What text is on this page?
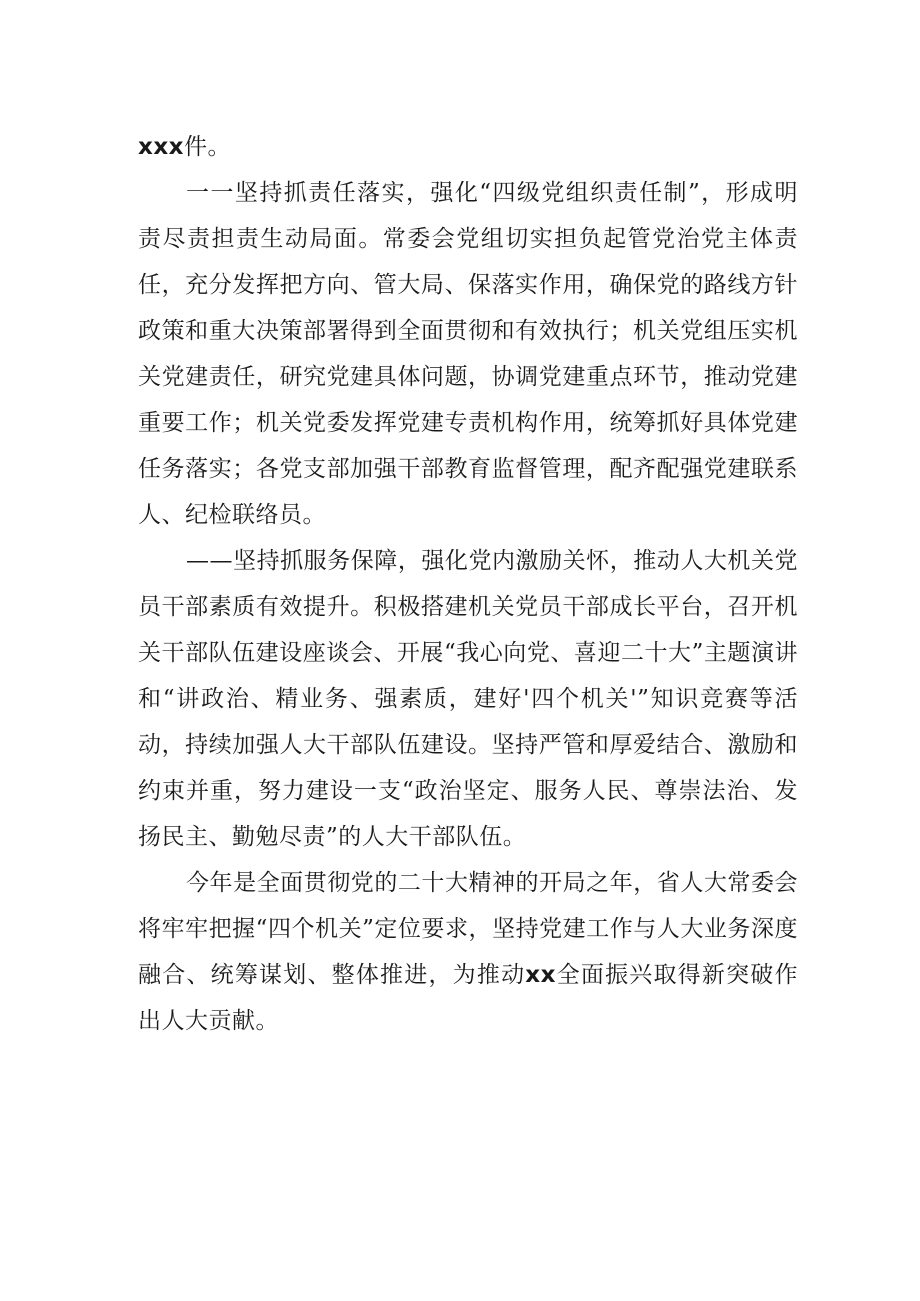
xxx件。

一一坚持抓责任落实，强化“四级党组织责任制”，形成明责尽责担责生动局面。常委会党组切实担负起管党治党主体责任，充分发挥把方向、管大局、保落实作用，确保党的路线方针政策和重大决策部署得到全面贯彻和有效执行；机关党组压实机关党建责任，研究党建具体问题，协调党建重点环节，推动党建重要工作；机关党委发挥党建专责机构作用，统筹抓好具体党建任务落实；各党支部加强干部教育监督管理，配齐配强党建联系人、纪检联络员。

——坚持抓服务保障，强化党内激励关怀，推动人大机关党员干部素质有效提升。积极搭建机关党员干部成长平台，召开机关干部队伍建设座谈会、开展“我心向党、喜迎二十大”主题演讲和“讲政治、精业务、强素质，建好'四个机关'”知识竞赛等活动，持续加强人大干部队伍建设。坚持严管和厚爱结合、激励和约束并重，努力建设一支“政治坚定、服务人民、尊崇法治、发扬民主、勤勉尽责”的人大干部队伍。

今年是全面贯彻党的二十大精神的开局之年，省人大常委会将牢牢把握“四个机关”定位要求，坚持党建工作与人大业务深度融合、统筹谋划、整体推进，为推动xx全面振兴取得新突破作出人大贡献。
